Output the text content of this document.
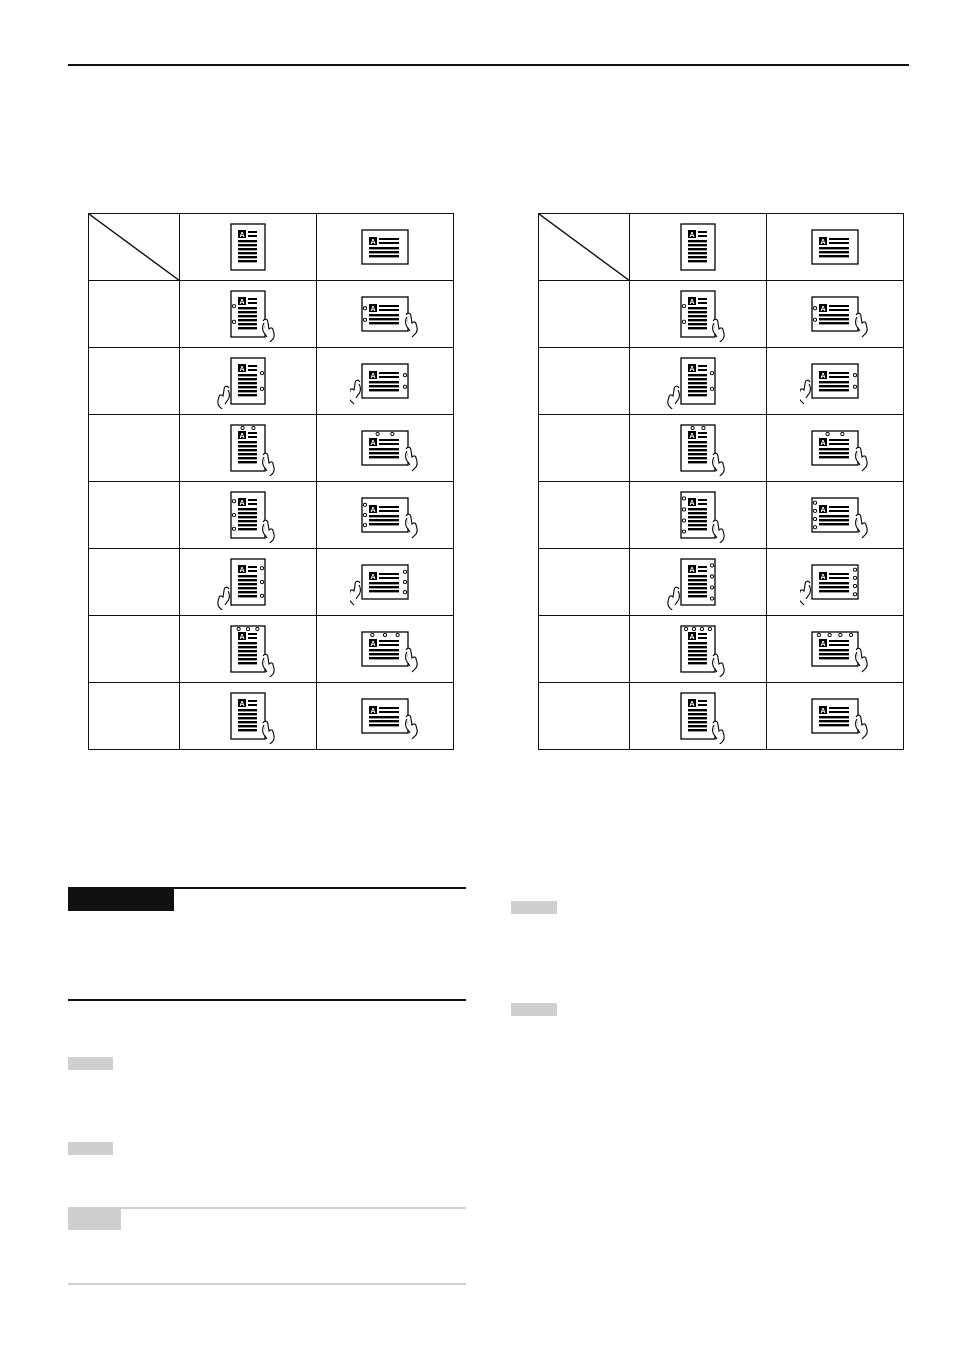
A	A

A	A

A	A

A	A

A	A

A	A

A	A

A	A

A	A

A	A

A	A

A	A

A	A

A	A

A	A

A	A
